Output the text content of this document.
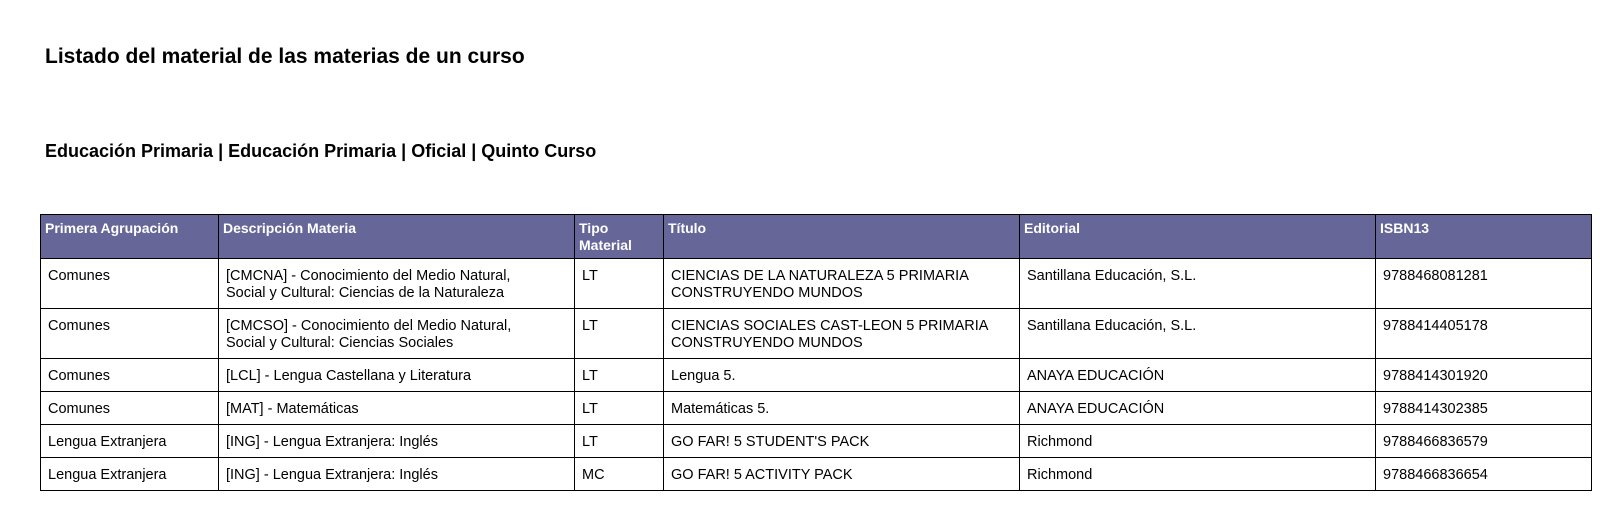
Listado del material de las materias de un curso
Educación Primaria | Educación Primaria | Oficial | Quinto Curso
Primera Agrupación	Descripción Materia	Tipo
Material	Título	Editorial	ISBN13

Comunes	[CMCNA] - Conocimiento del Medio Natural,
Social y Cultural: Ciencias de la Naturaleza	LT	CIENCIAS DE LA NATURALEZA 5 PRIMARIA
CONSTRUYENDO MUNDOS	Santillana Educación, S.L.	9788468081281

Comunes	[CMCSO] - Conocimiento del Medio Natural,
Social y Cultural: Ciencias Sociales	LT	CIENCIAS SOCIALES CAST-LEON 5 PRIMARIA
CONSTRUYENDO MUNDOS	Santillana Educación, S.L.	9788414405178

Comunes	[LCL] - Lengua Castellana y Literatura	LT	Lengua 5.	ANAYA EDUCACIÓN	9788414301920

Comunes	[MAT] - Matemáticas	LT	Matemáticas 5.	ANAYA EDUCACIÓN	9788414302385

Lengua Extranjera	[ING] - Lengua Extranjera: Inglés	LT	GO FAR! 5 STUDENT'S PACK	Richmond	9788466836579

Lengua Extranjera	[ING] - Lengua Extranjera: Inglés	MC	GO FAR! 5 ACTIVITY PACK	Richmond	9788466836654
